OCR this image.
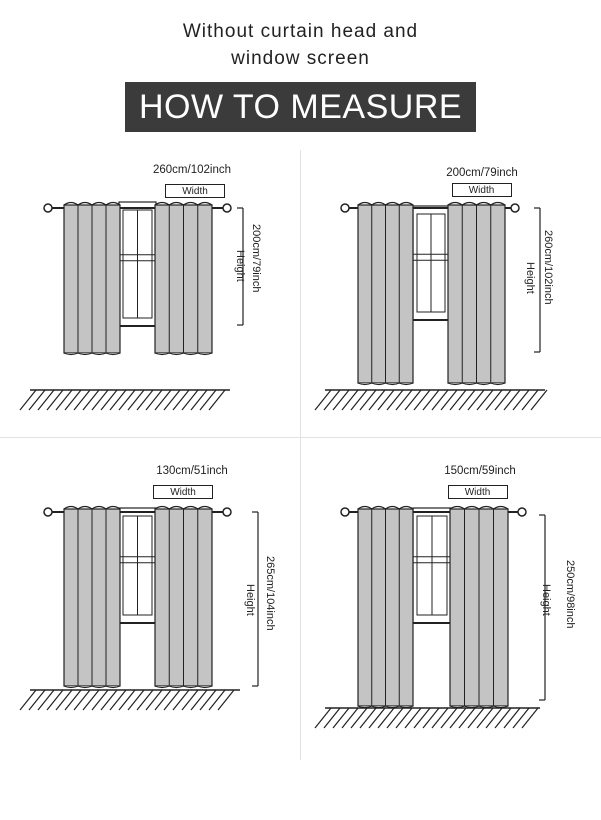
Without curtain head and
window screen
HOW TO MEASURE
260cm/102inch
Width
200cm/79inch
Height
200cm/79inch
Width
260cm/102inch
Height
130cm/51inch
Width
265cm/104inch
Height
150cm/59inch
Width
250cm/98inch
Height
